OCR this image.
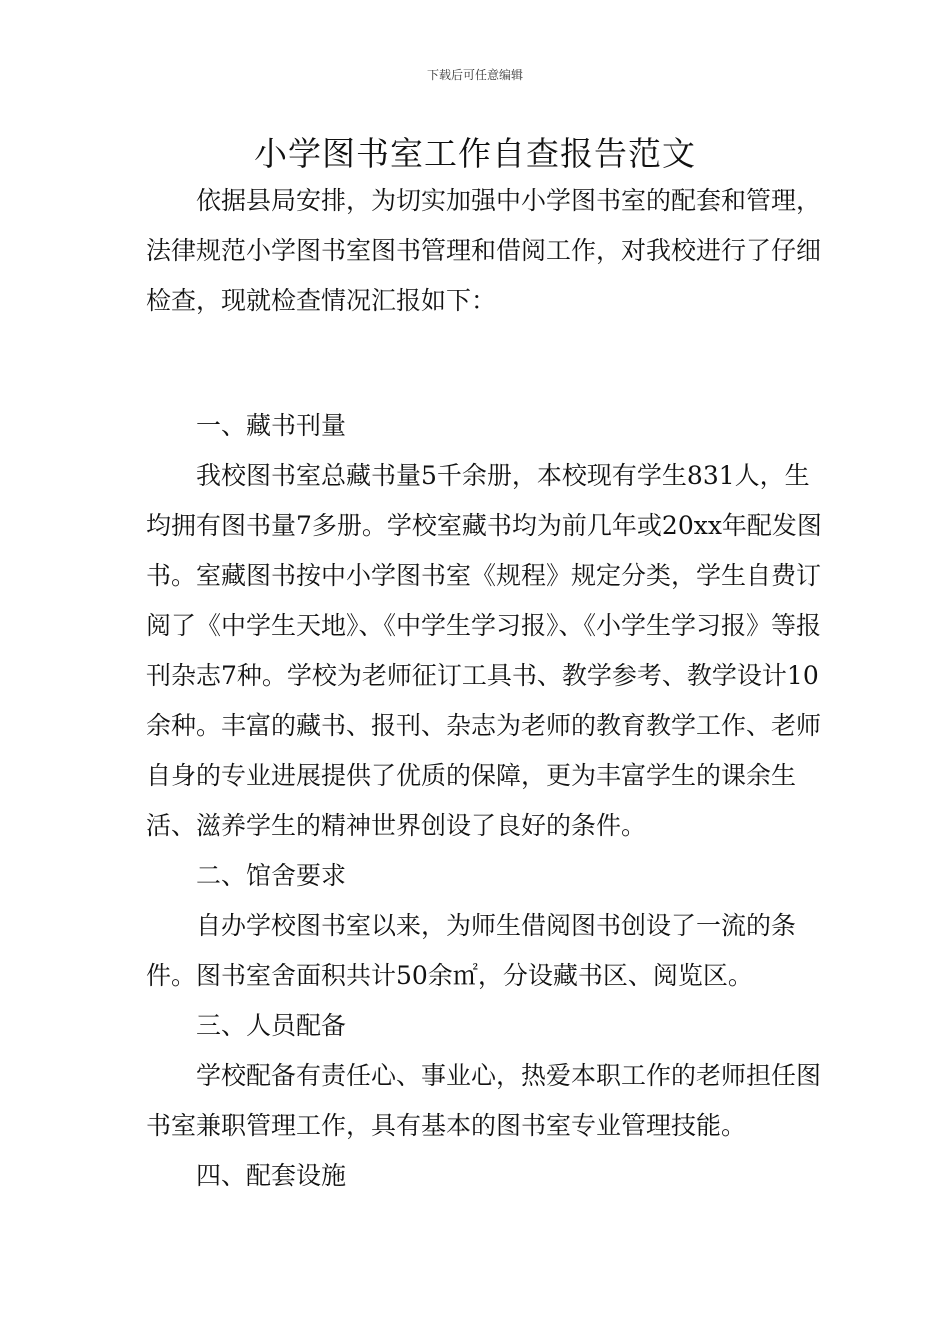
下载后可任意编辑
小学图书室工作自查报告范文

依据县局安排，为切实加强中小学图书室的配套和管理，法律规范小学图书室图书管理和借阅工作，对我校进行了仔细检查，现就检查情况汇报如下：

一、藏书刊量

我校图书室总藏书量5千余册，本校现有学生831人，生均拥有图书量7多册。学校室藏书均为前几年或20xx年配发图书。室藏图书按中小学图书室《规程》规定分类，学生自费订阅了《中学生天地》、《中学生学习报》、《小学生学习报》等报刊杂志7种。学校为老师征订工具书、教学参考、教学设计10余种。丰富的藏书、报刊、杂志为老师的教育教学工作、老师自身的专业进展提供了优质的保障，更为丰富学生的课余生活、滋养学生的精神世界创设了良好的条件。

二、馆舍要求

自办学校图书室以来，为师生借阅图书创设了一流的条件。图书室舍面积共计50余㎡，分设藏书区、阅览区。

三、人员配备

学校配备有责任心、事业心，热爱本职工作的老师担任图书室兼职管理工作，具有基本的图书室专业管理技能。

四、配套设施
